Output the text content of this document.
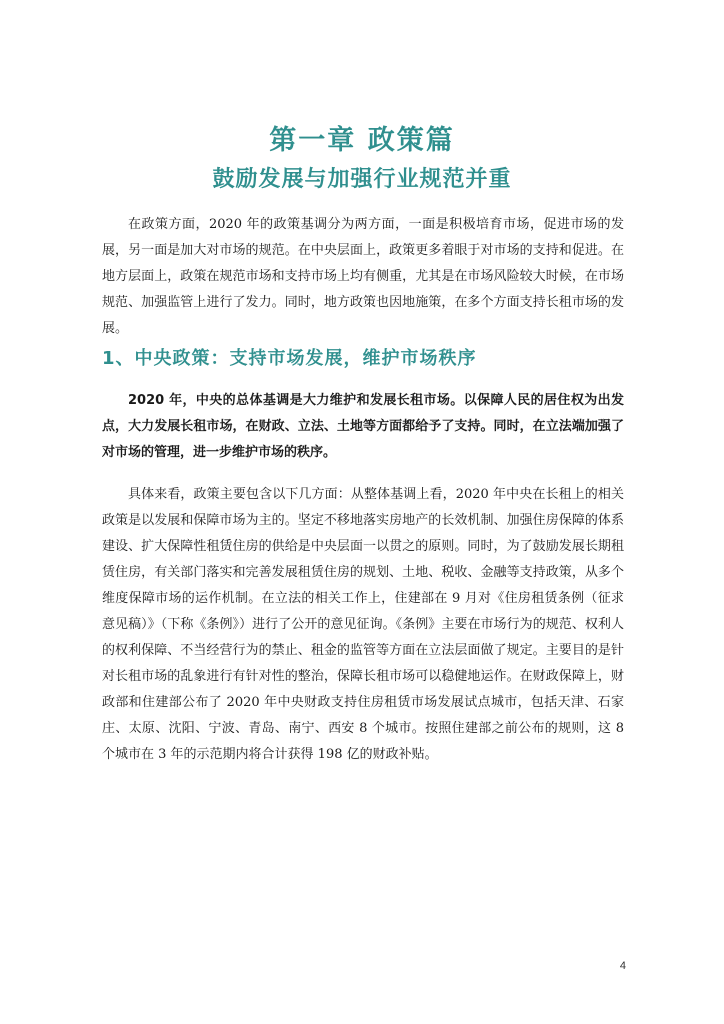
第一章 政策篇
鼓励发展与加强行业规范并重

在政策方面，2020 年的政策基调分为两方面，一面是积极培育市场，促进市场的发展，另一面是加大对市场的规范。在中央层面上，政策更多着眼于对市场的支持和促进。在地方层面上，政策在规范市场和支持市场上均有侧重，尤其是在市场风险较大时候，在市场规范、加强监管上进行了发力。同时，地方政策也因地施策，在多个方面支持长租市场的发展。

1、中央政策：支持市场发展，维护市场秩序

2020 年，中央的总体基调是大力维护和发展长租市场。以保障人民的居住权为出发点，大力发展长租市场，在财政、立法、土地等方面都给予了支持。同时，在立法端加强了对市场的管理，进一步维护市场的秩序。

具体来看，政策主要包含以下几方面：从整体基调上看，2020 年中央在长租上的相关政策是以发展和保障市场为主的。坚定不移地落实房地产的长效机制、加强住房保障的体系建设、扩大保障性租赁住房的供给是中央层面一以贯之的原则。同时，为了鼓励发展长期租赁住房，有关部门落实和完善发展租赁住房的规划、土地、税收、金融等支持政策，从多个维度保障市场的运作机制。在立法的相关工作上，住建部在 9 月对《住房租赁条例（征求意见稿）》（下称《条例》）进行了公开的意见征询。《条例》主要在市场行为的规范、权利人的权利保障、不当经营行为的禁止、租金的监管等方面在立法层面做了规定。主要目的是针对长租市场的乱象进行有针对性的整治，保障长租市场可以稳健地运作。在财政保障上，财政部和住建部公布了 2020 年中央财政支持住房租赁市场发展试点城市，包括天津、石家庄、太原、沈阳、宁波、青岛、南宁、西安 8 个城市。按照住建部之前公布的规则，这 8 个城市在 3 年的示范期内将合计获得 198 亿的财政补贴。

4
